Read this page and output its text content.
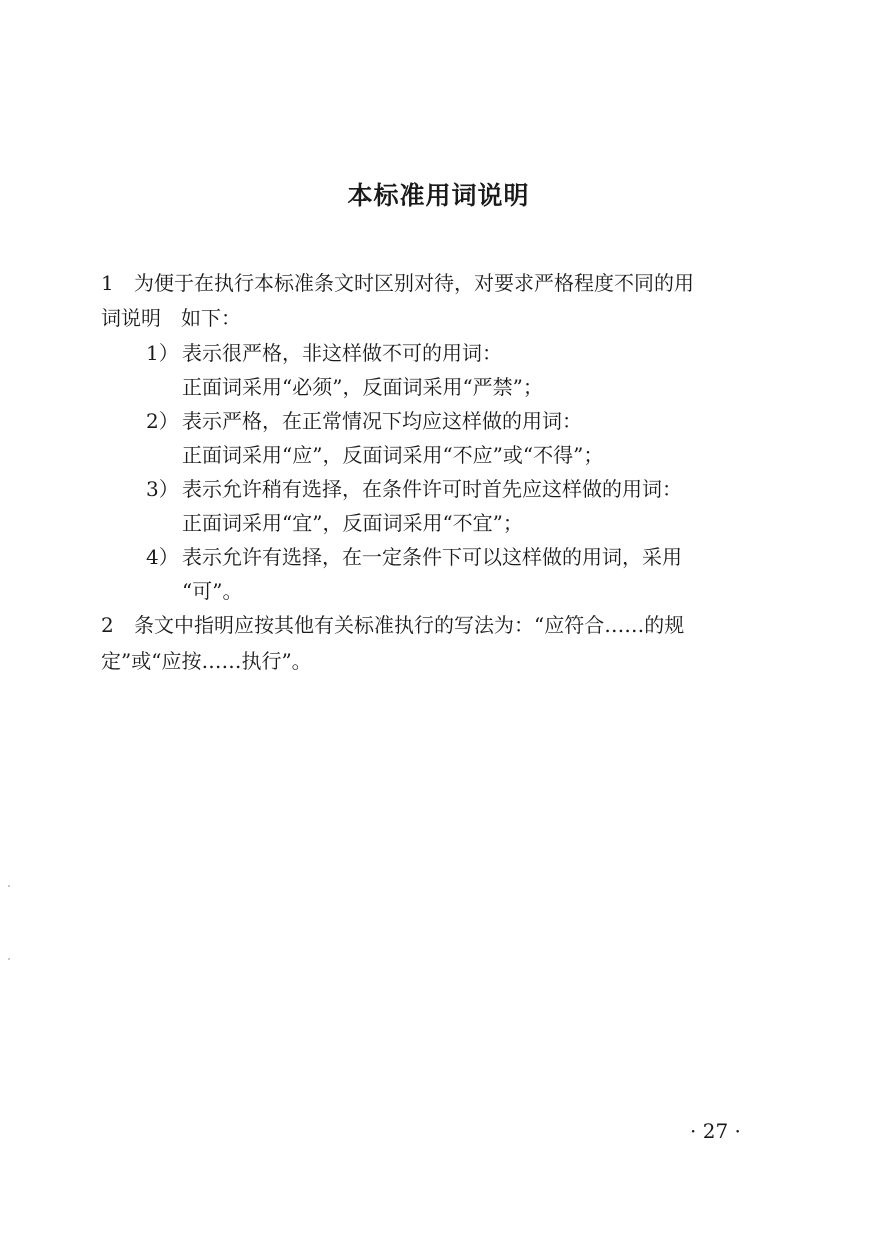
本标准用词说明
1 为便于在执行本标准条文时区别对待，对要求严格程度不同的用
词说明　如下：
1） 表示很严格，非这样做不可的用词：
正面词采用“必须”，反面词采用“严禁”；
2） 表示严格，在正常情况下均应这样做的用词：
正面词采用“应”，反面词采用“不应”或“不得”；
3） 表示允许稍有选择，在条件许可时首先应这样做的用词：
正面词采用“宜”，反面词采用“不宜”；
4） 表示允许有选择，在一定条件下可以这样做的用词，采用
“可”。
2 条文中指明应按其他有关标准执行的写法为：“应符合……的规
定”或“应按……执行”。
· 27 ·
